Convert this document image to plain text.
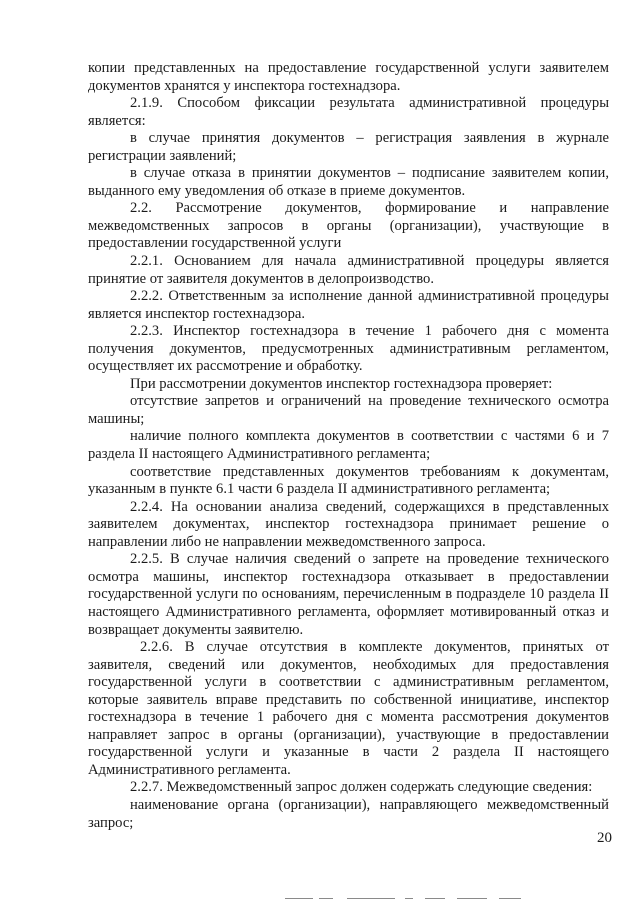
копии представленных на предоставление государственной услуги заявителем документов хранятся у инспектора гостехнадзора.

2.1.9. Способом фиксации результата административной процедуры является:

в случае принятия документов – регистрация заявления в журнале регистрации заявлений;

в случае отказа в принятии документов – подписание заявителем копии, выданного ему уведомления об отказе в приеме документов.

2.2. Рассмотрение документов, формирование и направление межведомственных запросов в органы (организации), участвующие в предоставлении государственной услуги

2.2.1. Основанием для начала административной процедуры является принятие от заявителя документов в делопроизводство.

2.2.2. Ответственным за исполнение данной административной процедуры является инспектор гостехнадзора.

2.2.3. Инспектор гостехнадзора в течение 1 рабочего дня с момента получения документов, предусмотренных административным регламентом, осуществляет их рассмотрение и обработку.

При рассмотрении документов инспектор гостехнадзора проверяет:

отсутствие запретов и ограничений на проведение технического осмотра машины;

наличие полного комплекта документов в соответствии с частями 6 и 7 раздела II настоящего Административного регламента;

соответствие представленных документов требованиям к документам, указанным в пункте 6.1 части 6 раздела II административного регламента;

2.2.4. На основании анализа сведений, содержащихся в представленных заявителем документах, инспектор гостехнадзора принимает решение о направлении либо не направлении межведомственного запроса.

2.2.5. В случае наличия сведений о запрете на проведение технического осмотра машины, инспектор гостехнадзора отказывает в предоставлении государственной услуги по основаниям, перечисленным в подразделе 10 раздела II настоящего Административного регламента, оформляет мотивированный отказ и возвращает документы заявителю.

2.2.6. В случае отсутствия в комплекте документов, принятых от заявителя, сведений или документов, необходимых для предоставления государственной услуги в соответствии с административным регламентом, которые заявитель вправе представить по собственной инициативе, инспектор гостехнадзора в течение 1 рабочего дня с момента рассмотрения документов направляет запрос в органы (организации), участвующие в предоставлении государственной услуги и указанные в части 2 раздела II настоящего Административного регламента.

2.2.7. Межведомственный запрос должен содержать следующие сведения:

наименование органа (организации), направляющего межведомственный запрос;

20
